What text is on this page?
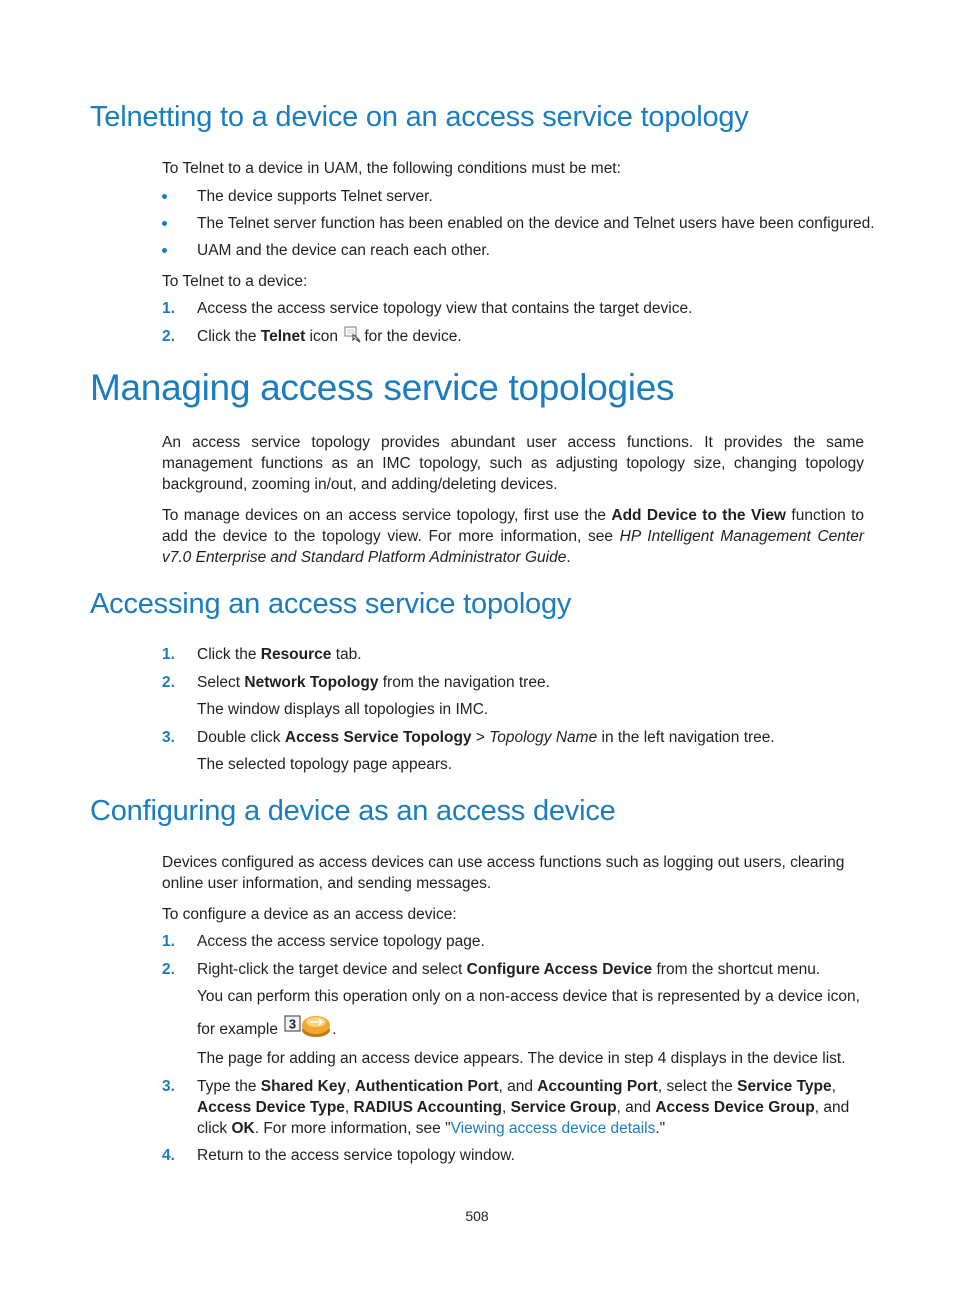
Telnetting to a device on an access service topology

To Telnet to a device in UAM, the following conditions must be met:

The device supports Telnet server.
The Telnet server function has been enabled on the device and Telnet users have been configured.
UAM and the device can reach each other.

To Telnet to a device:

1. Access the access service topology view that contains the target device.
2. Click the Telnet icon for the device.
Managing access service topologies

An access service topology provides abundant user access functions. It provides the same management functions as an IMC topology, such as adjusting topology size, changing topology background, zooming in/out, and adding/deleting devices.

To manage devices on an access service topology, first use the Add Device to the View function to add the device to the topology view. For more information, see HP Intelligent Management Center v7.0 Enterprise and Standard Platform Administrator Guide.

Accessing an access service topology
1. Click the Resource tab.
2. Select Network Topology from the navigation tree.
The window displays all topologies in IMC.
3. Double click Access Service Topology > Topology Name in the left navigation tree.
The selected topology page appears.
Configuring a device as an access device

Devices configured as access devices can use access functions such as logging out users, clearing online user information, and sending messages.

To configure a device as an access device:

1. Access the access service topology page.
2. Right-click the target device and select Configure Access Device from the shortcut menu.
You can perform this operation only on a non-access device that is represented by a device icon,
for example 3 .
The page for adding an access device appears. The device in step 4 displays in the device list.
3. Type the Shared Key, Authentication Port, and Accounting Port, select the Service Type, Access Device Type, RADIUS Accounting, Service Group, and Access Device Group, and click OK. For more information, see "Viewing access device details."
4. Return to the access service topology window.
508
